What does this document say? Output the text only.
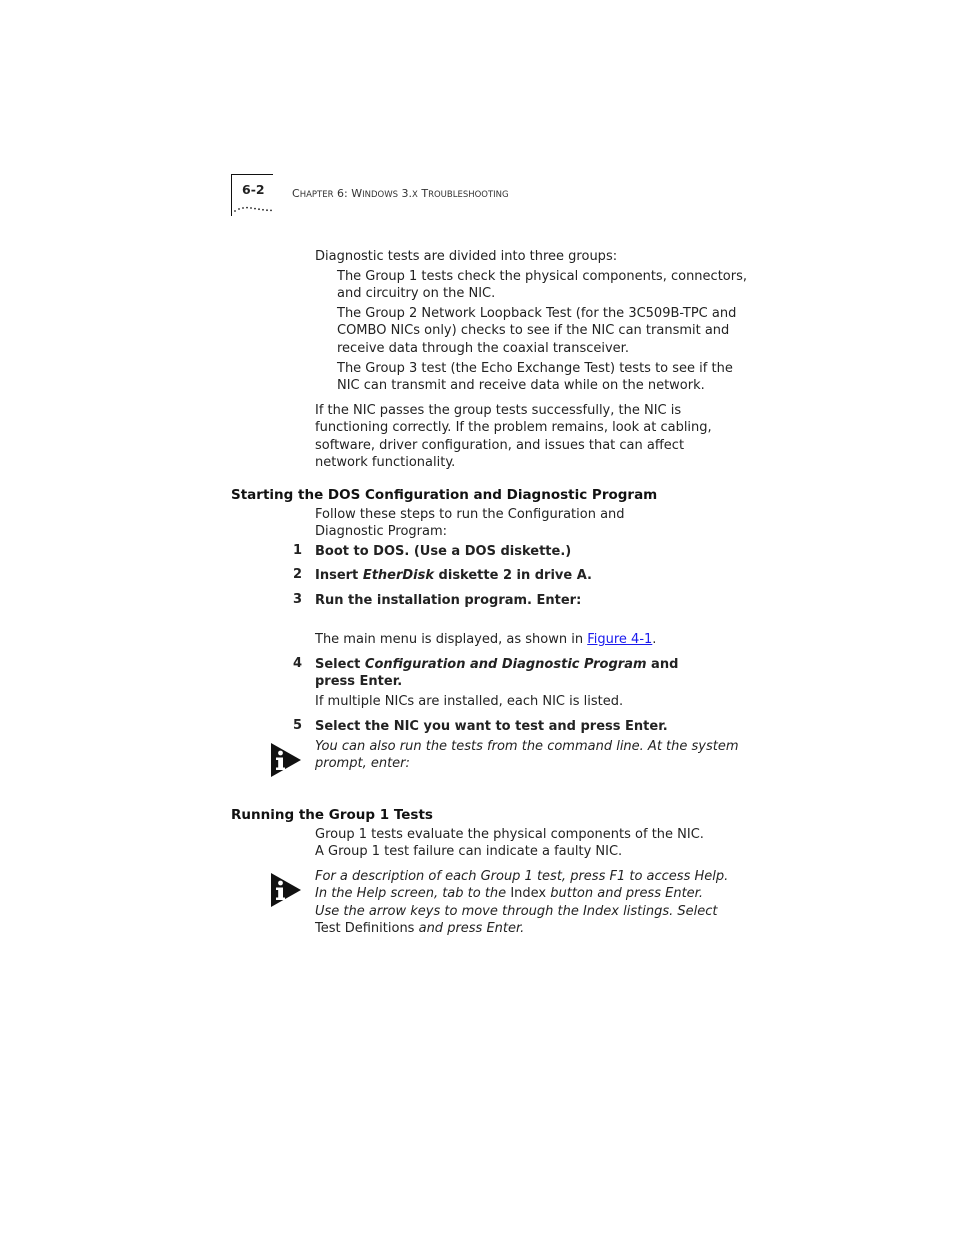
6-2 CHAPTER 6: WINDOWS 3.X TROUBLESHOOTING
Diagnostic tests are divided into three groups:
The Group 1 tests check the physical components, connectors,
and circuitry on the NIC.
The Group 2 Network Loopback Test (for the 3C509B-TPC and
COMBO NICs only) checks to see if the NIC can transmit and
receive data through the coaxial transceiver.
The Group 3 test (the Echo Exchange Test) tests to see if the
NIC can transmit and receive data while on the network.
If the NIC passes the group tests successfully, the NIC is
functioning correctly. If the problem remains, look at cabling,
software, driver configuration, and issues that can affect
network functionality.
Starting the DOS Configuration and Diagnostic Program
Follow these steps to run the Configuration and
Diagnostic Program:
1 Boot to DOS. (Use a DOS diskette.)
2 Insert EtherDisk diskette 2 in drive A.
3 Run the installation program. Enter:
The main menu is displayed, as shown in Figure 4-1.
4 Select Configuration and Diagnostic Program and
press Enter.
If multiple NICs are installed, each NIC is listed.
5 Select the NIC you want to test and press Enter.
You can also run the tests from the command line. At the system
prompt, enter:
Running the Group 1 Tests
Group 1 tests evaluate the physical components of the NIC.
A Group 1 test failure can indicate a faulty NIC.
For a description of each Group 1 test, press F1 to access Help.
In the Help screen, tab to the Index button and press Enter.
Use the arrow keys to move through the Index listings. Select
Test Definitions and press Enter.
